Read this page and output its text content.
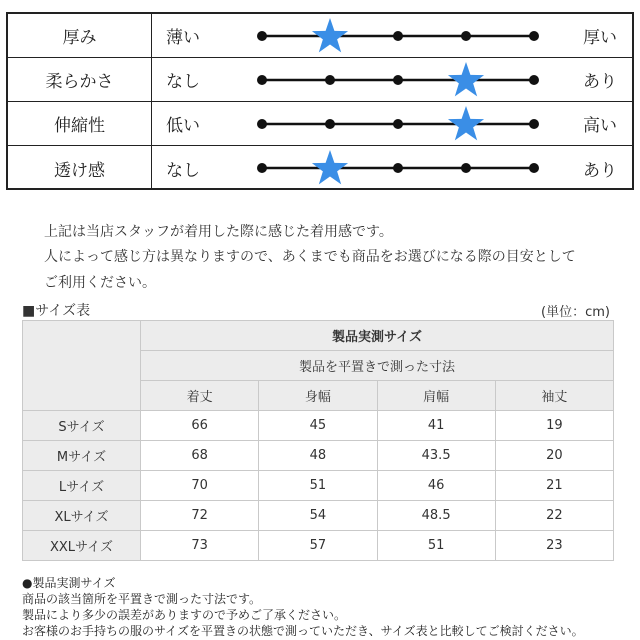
厚み	薄い	厚い
柔らかさ	なし	あり
伸縮性	低い	高い
透け感	なし	あり
上記は当店スタッフが着用した際に感じた着用感です。
人によって感じ方は異なりますので、あくまでも商品をお選びになる際の目安として
ご利用ください。
■サイズ表	(単位：cm)
	製品実測サイズ			
	製品を平置きで測った寸法			
	着丈	身幅	肩幅	袖丈
Sサイズ	66	45	41	19
Mサイズ	68	48	43.5	20
Lサイズ	70	51	46	21
XLサイズ	72	54	48.5	22
XXLサイズ	73	57	51	23
●製品実測サイズ
商品の該当箇所を平置きで測った寸法です。
製品により多少の誤差がありますので予めご了承ください。
お客様のお手持ちの服のサイズを平置きの状態で測っていただき、サイズ表と比較してご検討ください。
